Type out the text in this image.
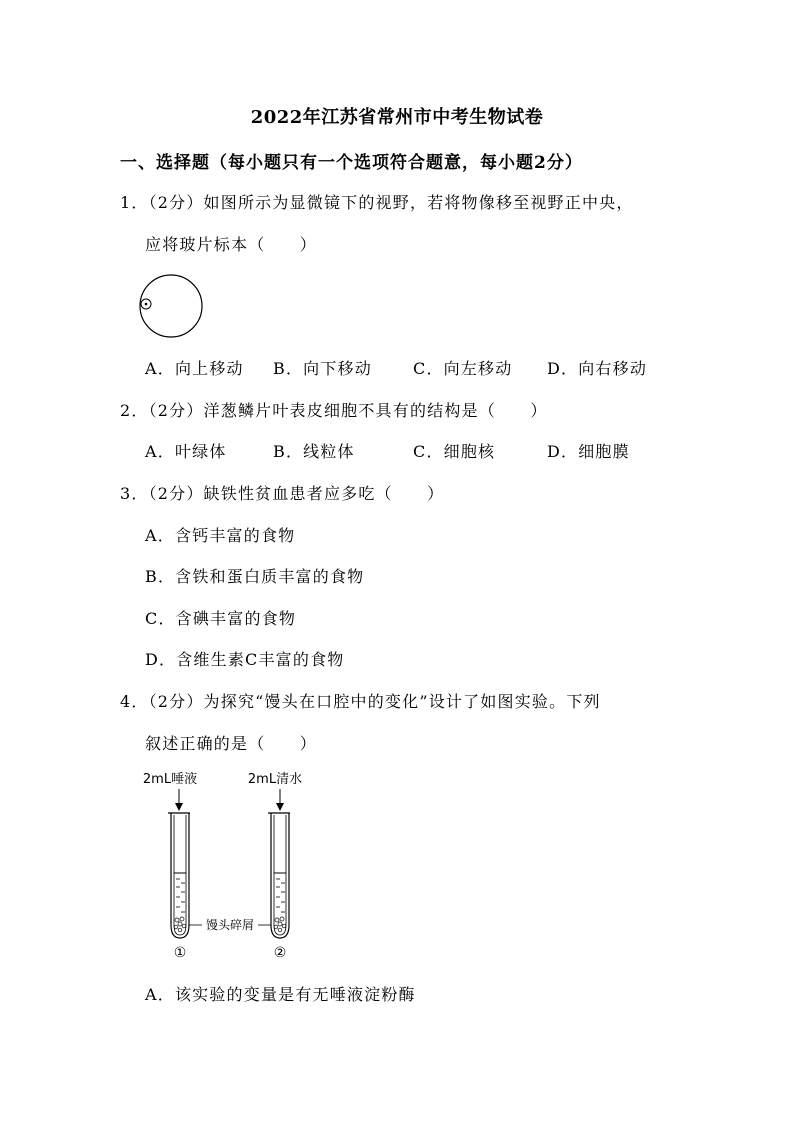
2022年江苏省常州市中考生物试卷
一、选择题（每小题只有一个选项符合题意，每小题2分）
1．（2分）如图所示为显微镜下的视野，若将物像移至视野正中央，
应将玻片标本（　　）
A．向上移动	B．向下移动	C．向左移动	D．向右移动
2．（2分）洋葱鳞片叶表皮细胞不具有的结构是（　　）
A．叶绿体	B．线粒体	C．细胞核	D．细胞膜
3．（2分）缺铁性贫血患者应多吃（　　）
A．含钙丰富的食物
B．含铁和蛋白质丰富的食物
C．含碘丰富的食物
D．含维生素C丰富的食物
4．（2分）为探究“馒头在口腔中的变化”设计了如图实验。下列
叙述正确的是（　　）
2mL唾液	2mL清水
馒头碎屑
①	②
A．该实验的变量是有无唾液淀粉酶
